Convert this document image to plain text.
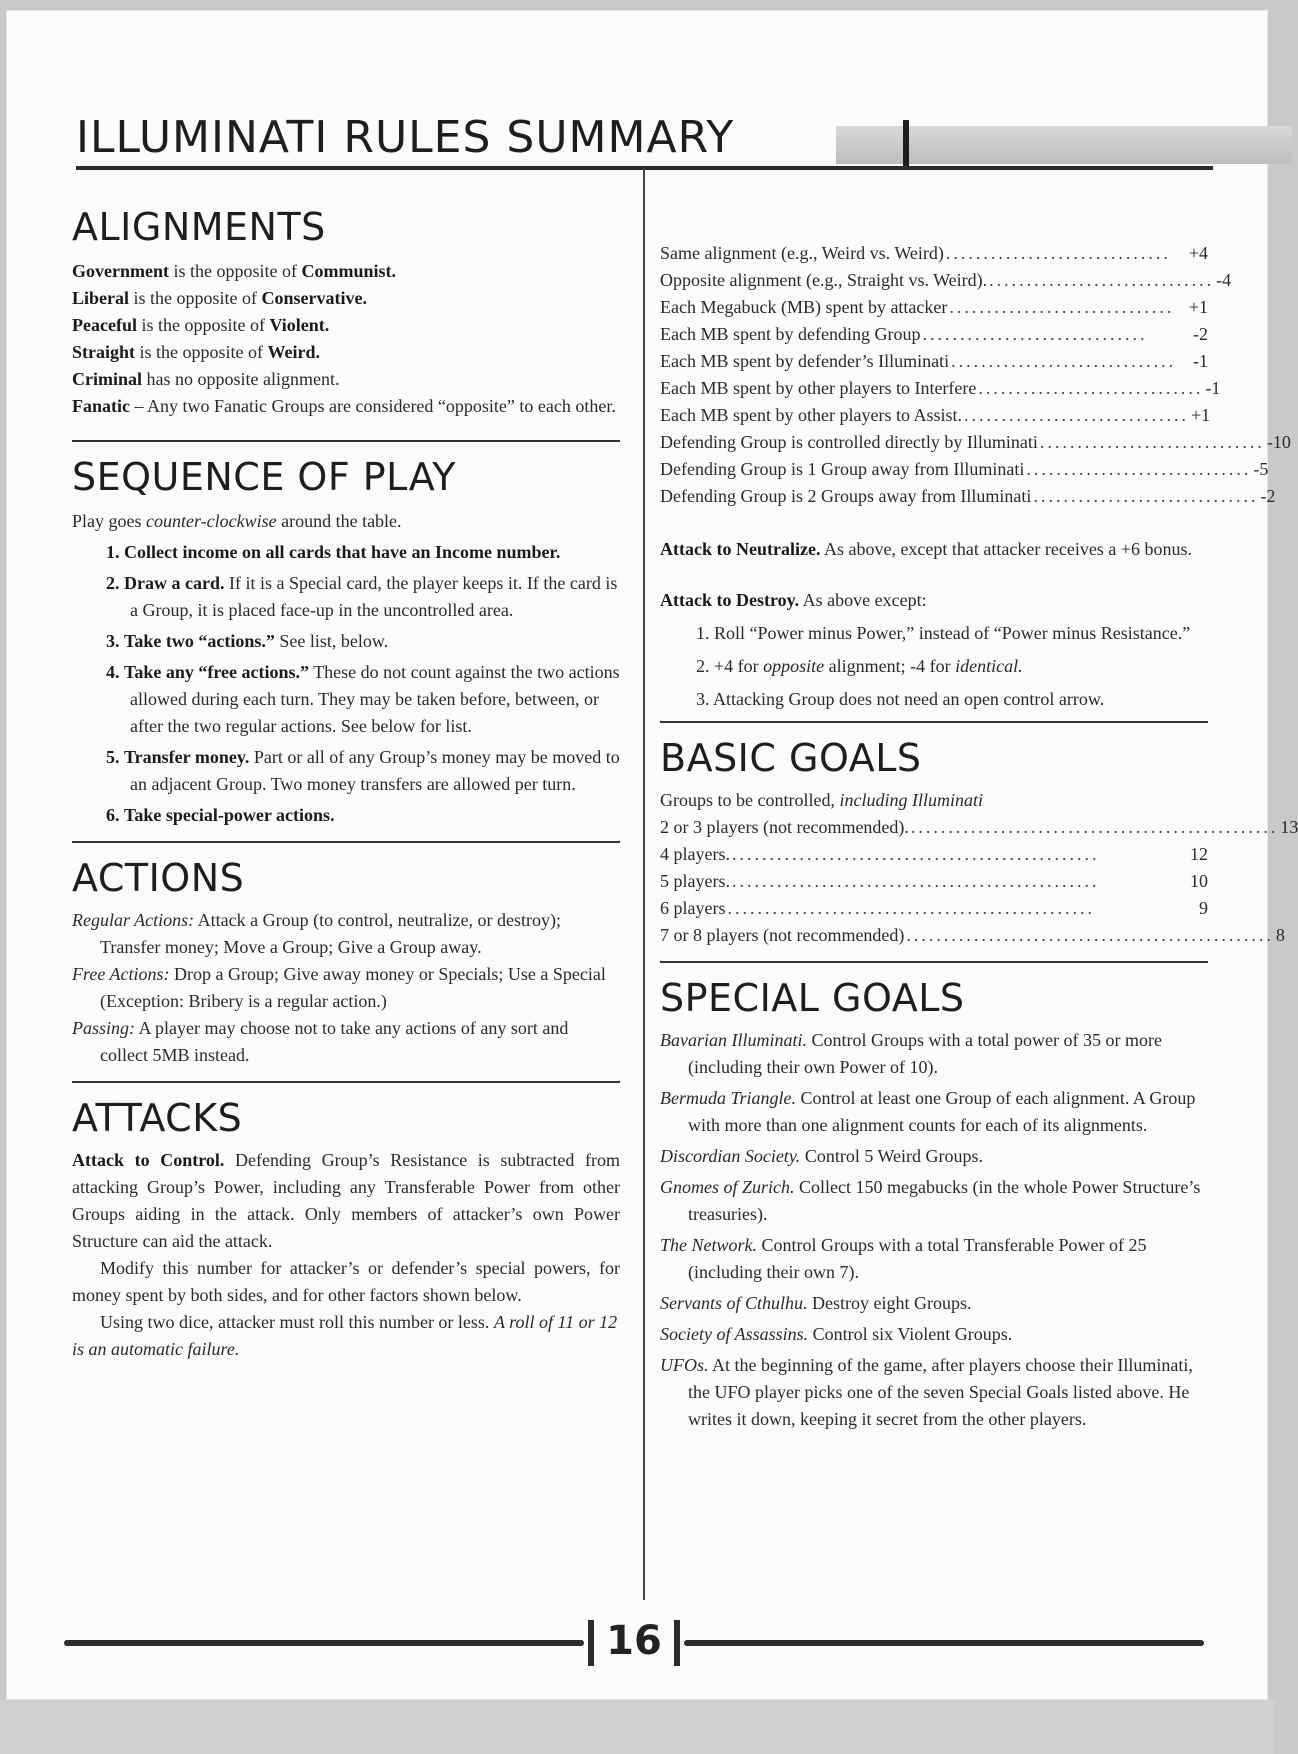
ILLUMINATI RULES SUMMARY
ALIGNMENTS

Government is the opposite of Communist.

Liberal is the opposite of Conservative.

Peaceful is the opposite of Violent.

Straight is the opposite of Weird.

Criminal has no opposite alignment.

Fanatic – Any two Fanatic Groups are considered “opposite” to each other.

SEQUENCE OF PLAY

Play goes counter-clockwise around the table.

1. Collect income on all cards that have an Income number.
2. Draw a card. If it is a Special card, the player keeps it. If the card is a Group, it is placed face-up in the uncontrolled area.
3. Take two “actions.” See list, below.
4. Take any “free actions.” These do not count against the two actions allowed during each turn. They may be taken before, between, or after the two regular actions. See below for list.
5. Transfer money. Part or all of any Group’s money may be moved to an adjacent Group. Two money transfers are allowed per turn.
6. Take special-power actions.
ACTIONS

Regular Actions: Attack a Group (to control, neutralize, or destroy); Transfer money; Move a Group; Give a Group away.

Free Actions: Drop a Group; Give away money or Specials; Use a Special (Exception: Bribery is a regular action.)

Passing: A player may choose not to take any actions of any sort and collect 5MB instead.

ATTACKS

Attack to Control. Defending Group’s Resistance is subtracted from attacking Group’s Power, including any Transferable Power from other Groups aiding in the attack. Only members of attacker’s own Power Structure can aid the attack.

Modify this number for attacker’s or defender’s special powers, for money spent by both sides, and for other factors shown below.

Using two dice, attacker must roll this number or less. A roll of 11 or 12 is an automatic failure.

Same alignment (e.g., Weird vs. Weird) .............................. +4
Opposite alignment (e.g., Straight vs. Weird). .............................. -4
Each Megabuck (MB) spent by attacker .............................. +1
Each MB spent by defending Group ..............................	-2
Each MB spent by defender’s Illuminati .............................. -1
Each MB spent by other players to Interfere .............................. -1
Each MB spent by other players to Assist. .............................. +1
Defending Group is controlled directly by Illuminati .............................. -10
Defending Group is 1 Group away from Illuminati .............................. -5
Defending Group is 2 Groups away from Illuminati .............................. -2

Attack to Neutralize. As above, except that attacker receives a +6 bonus.

Attack to Destroy. As above except:

1. Roll “Power minus Power,” instead of “Power minus Resistance.”
2. +4 for opposite alignment; -4 for identical.
3. Attacking Group does not need an open control arrow.
BASIC GOALS

Groups to be controlled, including Illuminati

2 or 3 players (not recommended). ................................................. 13
4 players. .................................................	12
5 players. .................................................	10
6 players .................................................	9
7 or 8 players (not recommended) ................................................. 8
SPECIAL GOALS

Bavarian Illuminati. Control Groups with a total power of 35 or more (including their own Power of 10).

Bermuda Triangle. Control at least one Group of each alignment. A Group with more than one alignment counts for each of its alignments.

Discordian Society. Control 5 Weird Groups.

Gnomes of Zurich. Collect 150 megabucks (in the whole Power Structure’s treasuries).

The Network. Control Groups with a total Transferable Power of 25 (including their own 7).

Servants of Cthulhu. Destroy eight Groups.

Society of Assassins. Control six Violent Groups.

UFOs. At the beginning of the game, after players choose their Illuminati, the UFO player picks one of the seven Special Goals listed above. He writes it down, keeping it secret from the other players.

16
